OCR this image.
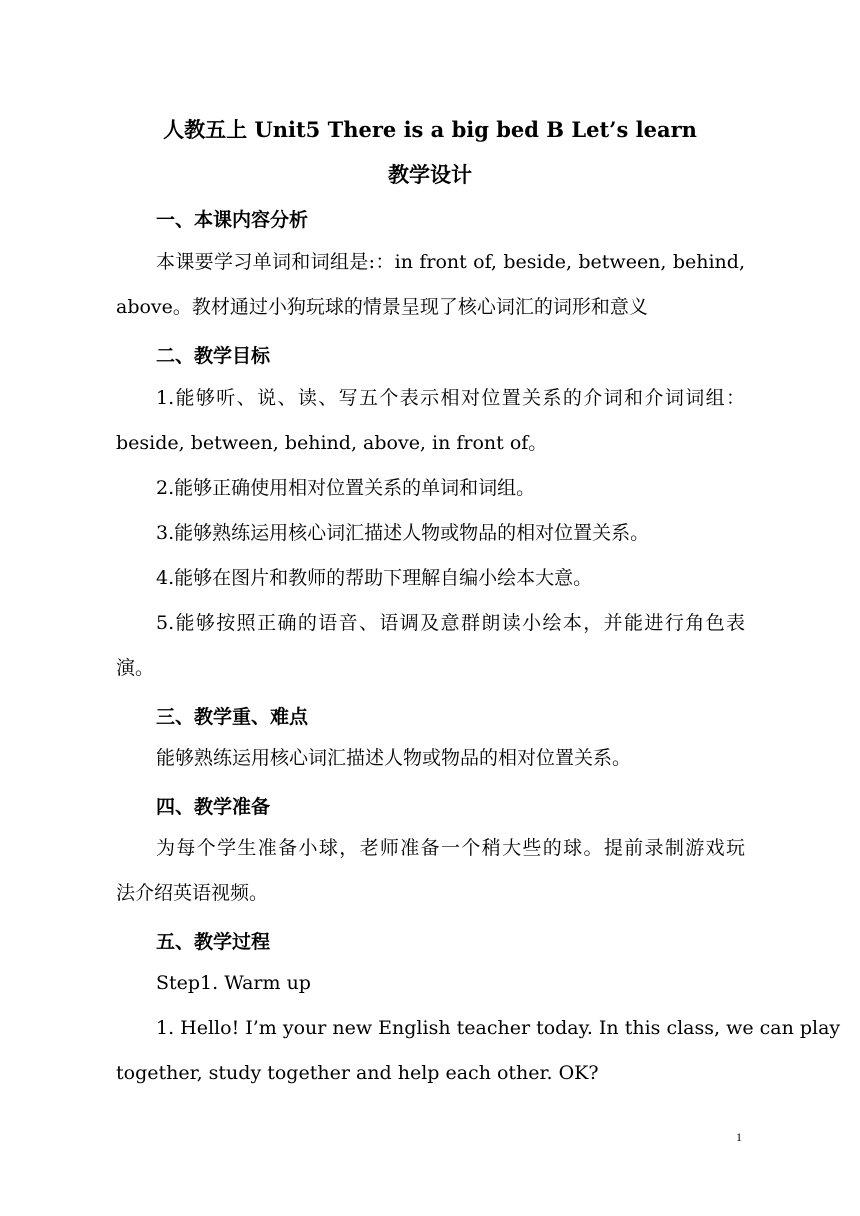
人教五上 Unit5 There is a big bed B Let’s learn
教学设计
一、本课内容分析
本课要学习单词和词组是:：in front of, beside, between, behind,
above。教材通过小狗玩球的情景呈现了核心词汇的词形和意义
二、教学目标
1.能够听、说、读、写五个表示相对位置关系的介词和介词词组：
beside, between, behind, above, in front of。
2.能够正确使用相对位置关系的单词和词组。
3.能够熟练运用核心词汇描述人物或物品的相对位置关系。
4.能够在图片和教师的帮助下理解自编小绘本大意。
5.能够按照正确的语音、语调及意群朗读小绘本，并能进行角色表
演。
三、教学重、难点
能够熟练运用核心词汇描述人物或物品的相对位置关系。
四、教学准备
为每个学生准备小球，老师准备一个稍大些的球。提前录制游戏玩
法介绍英语视频。
五、教学过程
Step1. Warm up
1. Hello! I’m your new English teacher today. In this class, we can play
together, study together and help each other. OK?
1
